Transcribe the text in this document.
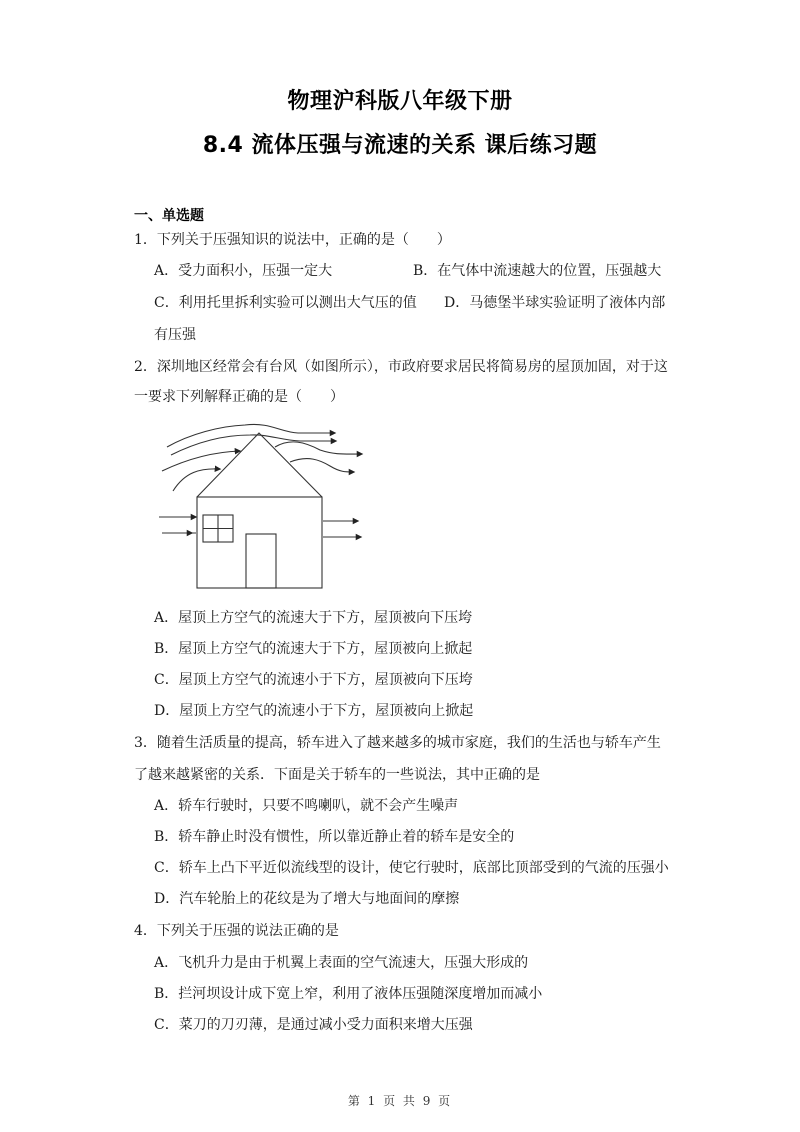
物理沪科版八年级下册
8.4 流体压强与流速的关系 课后练习题
一、单选题
1．下列关于压强知识的说法中，正确的是（　　）
A．受力面积小，压强一定大	B．在气体中流速越大的位置，压强越大
C．利用托里拆利实验可以测出大气压的值 D．马德堡半球实验证明了液体内部
有压强
2．深圳地区经常会有台风（如图所示），市政府要求居民将简易房的屋顶加固，对于这
一要求下列解释正确的是（　　）
A．屋顶上方空气的流速大于下方，屋顶被向下压垮
B．屋顶上方空气的流速大于下方，屋顶被向上掀起
C．屋顶上方空气的流速小于下方，屋顶被向下压垮
D．屋顶上方空气的流速小于下方，屋顶被向上掀起
3．随着生活质量的提高，轿车进入了越来越多的城市家庭，我们的生活也与轿车产生
了越来越紧密的关系．下面是关于轿车的一些说法，其中正确的是
A．轿车行驶时，只要不鸣喇叭，就不会产生噪声
B．轿车静止时没有惯性，所以靠近静止着的轿车是安全的
C．轿车上凸下平近似流线型的设计，使它行驶时，底部比顶部受到的气流的压强小
D．汽车轮胎上的花纹是为了增大与地面间的摩擦
4．下列关于压强的说法正确的是
A．飞机升力是由于机翼上表面的空气流速大，压强大形成的
B．拦河坝设计成下宽上窄，利用了液体压强随深度增加而减小
C．菜刀的刀刃薄，是通过减小受力面积来增大压强
第 1 页 共 9 页
